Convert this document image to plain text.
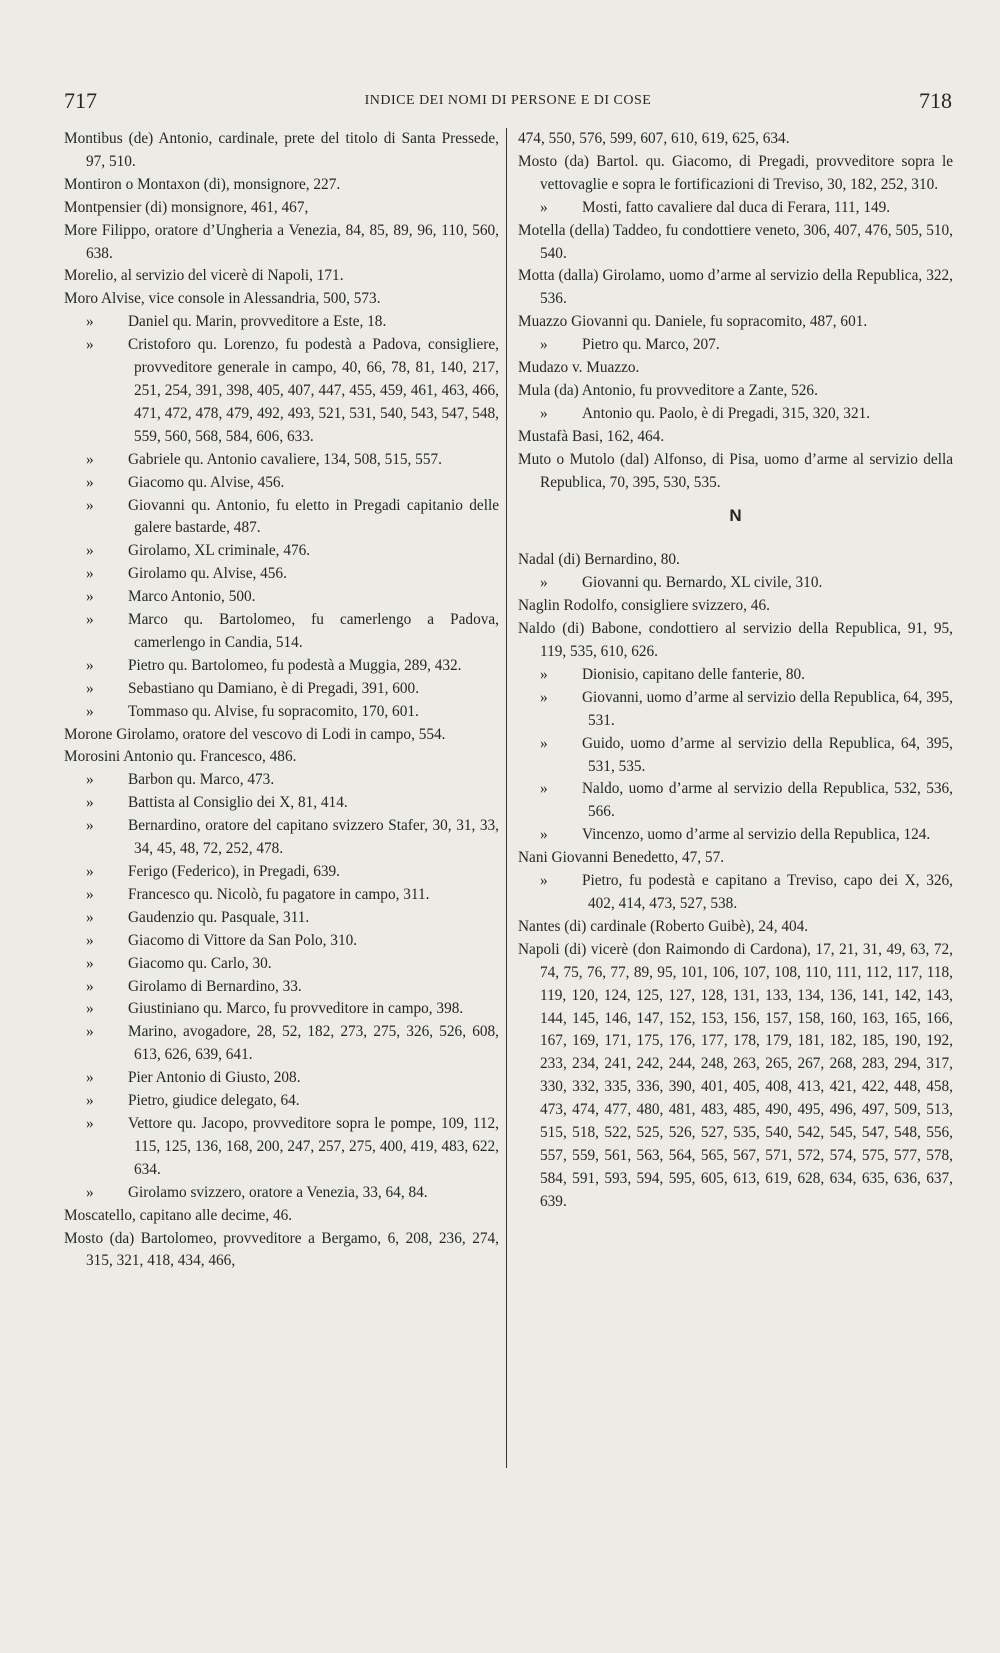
717	INDICE DEI NOMI DI PERSONE E DI COSE	718
Montibus (de) Antonio, cardinale, prete del titolo di Santa Pressede, 97, 510.
Montiron o Montaxon (di), monsignore, 227.
Montpensier (di) monsignore, 461, 467,
More Filippo, oratore d’Ungheria a Venezia, 84, 85, 89, 96, 110, 560, 638.
Morelio, al servizio del vicerè di Napoli, 171.
Moro Alvise, vice console in Alessandria, 500, 573.
» Daniel qu. Marin, provveditore a Este, 18.
» Cristoforo qu. Lorenzo, fu podestà a Padova, consigliere, provveditore generale in campo, 40, 66, 78, 81, 140, 217, 251, 254, 391, 398, 405, 407, 447, 455, 459, 461, 463, 466, 471, 472, 478, 479, 492, 493, 521, 531, 540, 543, 547, 548, 559, 560, 568, 584, 606, 633.
» Gabriele qu. Antonio cavaliere, 134, 508, 515, 557.
» Giacomo qu. Alvise, 456.
» Giovanni qu. Antonio, fu eletto in Pregadi capitanio delle galere bastarde, 487.
» Girolamo, XL criminale, 476.
» Girolamo qu. Alvise, 456.
» Marco Antonio, 500.
» Marco qu. Bartolomeo, fu camerlengo a Padova, camerlengo in Candia, 514.
» Pietro qu. Bartolomeo, fu podestà a Muggia, 289, 432.
» Sebastiano qu Damiano, è di Pregadi, 391, 600.
» Tommaso qu. Alvise, fu sopracomito, 170, 601.
Morone Girolamo, oratore del vescovo di Lodi in campo, 554.
Morosini Antonio qu. Francesco, 486.
» Barbon qu. Marco, 473.
» Battista al Consiglio dei X, 81, 414.
» Bernardino, oratore del capitano svizzero Stafer, 30, 31, 33, 34, 45, 48, 72, 252, 478.
» Ferigo (Federico), in Pregadi, 639.
» Francesco qu. Nicolò, fu pagatore in campo, 311.
» Gaudenzio qu. Pasquale, 311.
» Giacomo di Vittore da San Polo, 310.
» Giacomo qu. Carlo, 30.
» Girolamo di Bernardino, 33.
» Giustiniano qu. Marco, fu provveditore in campo, 398.
» Marino, avogadore, 28, 52, 182, 273, 275, 326, 526, 608, 613, 626, 639, 641.
» Pier Antonio di Giusto, 208.
» Pietro, giudice delegato, 64.
» Vettore qu. Jacopo, provveditore sopra le pompe, 109, 112, 115, 125, 136, 168, 200, 247, 257, 275, 400, 419, 483, 622, 634.
» Girolamo svizzero, oratore a Venezia, 33, 64, 84.
Moscatello, capitano alle decime, 46.
Mosto (da) Bartolomeo, provveditore a Bergamo, 6, 208, 236, 274, 315, 321, 418, 434, 466,
474, 550, 576, 599, 607, 610, 619, 625, 634.
Mosto (da) Bartol. qu. Giacomo, di Pregadi, provveditore sopra le vettovaglie e sopra le fortificazioni di Treviso, 30, 182, 252, 310.
» Mosti, fatto cavaliere dal duca di Ferara, 111, 149.
Motella (della) Taddeo, fu condottiere veneto, 306, 407, 476, 505, 510, 540.
Motta (dalla) Girolamo, uomo d’arme al servizio della Republica, 322, 536.
Muazzo Giovanni qu. Daniele, fu sopracomito, 487, 601.
» Pietro qu. Marco, 207.
Mudazo v. Muazzo.
Mula (da) Antonio, fu provveditore a Zante, 526.
» Antonio qu. Paolo, è di Pregadi, 315, 320, 321.
Mustafà Basi, 162, 464.
Muto o Mutolo (dal) Alfonso, di Pisa, uomo d’arme al servizio della Republica, 70, 395, 530, 535.
N
Nadal (di) Bernardino, 80.
» Giovanni qu. Bernardo, XL civile, 310.
Naglin Rodolfo, consigliere svizzero, 46.
Naldo (di) Babone, condottiero al servizio della Republica, 91, 95, 119, 535, 610, 626.
» Dionisio, capitano delle fanterie, 80.
» Giovanni, uomo d’arme al servizio della Republica, 64, 395, 531.
» Guido, uomo d’arme al servizio della Republica, 64, 395, 531, 535.
» Naldo, uomo d’arme al servizio della Republica, 532, 536, 566.
» Vincenzo, uomo d’arme al servizio della Republica, 124.
Nani Giovanni Benedetto, 47, 57.
» Pietro, fu podestà e capitano a Treviso, capo dei X, 326, 402, 414, 473, 527, 538.
Nantes (di) cardinale (Roberto Guibè), 24, 404.
Napoli (di) vicerè (don Raimondo di Cardona), 17, 21, 31, 49, 63, 72, 74, 75, 76, 77, 89, 95, 101, 106, 107, 108, 110, 111, 112, 117, 118, 119, 120, 124, 125, 127, 128, 131, 133, 134, 136, 141, 142, 143, 144, 145, 146, 147, 152, 153, 156, 157, 158, 160, 163, 165, 166, 167, 169, 171, 175, 176, 177, 178, 179, 181, 182, 185, 190, 192, 233, 234, 241, 242, 244, 248, 263, 265, 267, 268, 283, 294, 317, 330, 332, 335, 336, 390, 401, 405, 408, 413, 421, 422, 448, 458, 473, 474, 477, 480, 481, 483, 485, 490, 495, 496, 497, 509, 513, 515, 518, 522, 525, 526, 527, 535, 540, 542, 545, 547, 548, 556, 557, 559, 561, 563, 564, 565, 567, 571, 572, 574, 575, 577, 578, 584, 591, 593, 594, 595, 605, 613, 619, 628, 634, 635, 636, 637, 639.
